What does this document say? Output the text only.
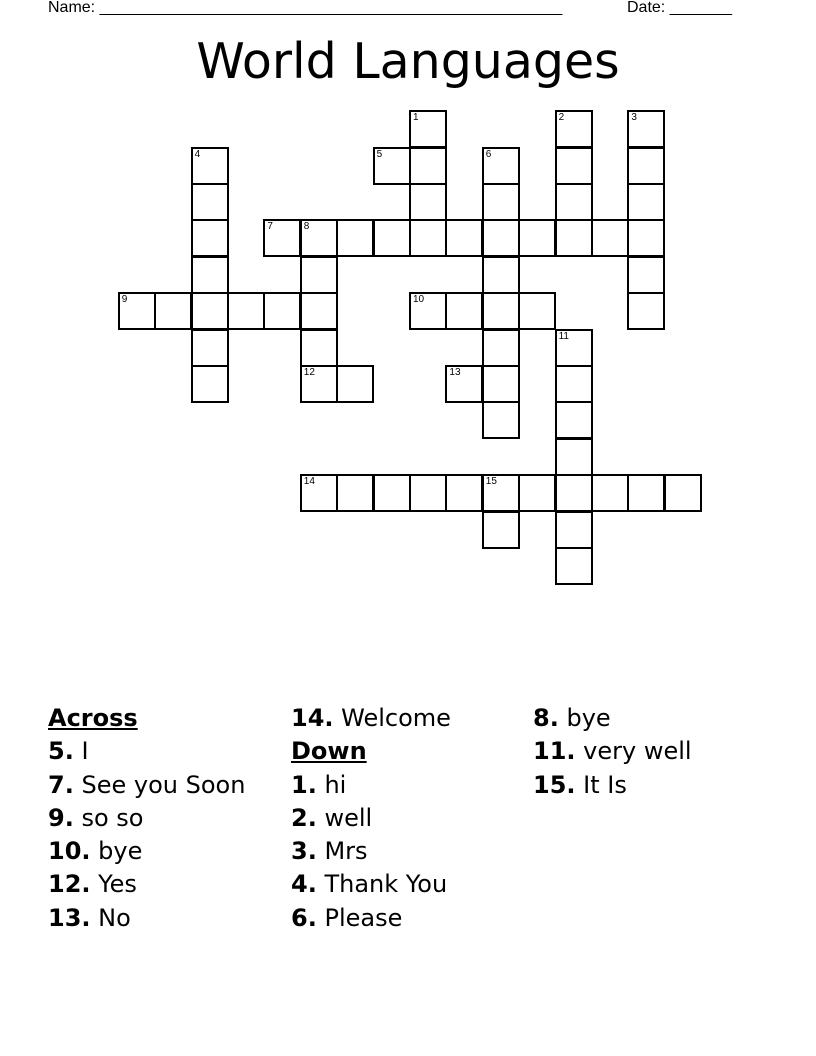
Name: ____________________________________________________	Date: _______
World Languages
1	2	3
4	5	6
7	8
9	10
11
12	13
14	15
Across
5. I
7. See you Soon
9. so so
10. bye
12. Yes
13. No
14. Welcome
Down
1. hi
2. well
3. Mrs
4. Thank You
6. Please
8. bye
11. very well
15. It Is
